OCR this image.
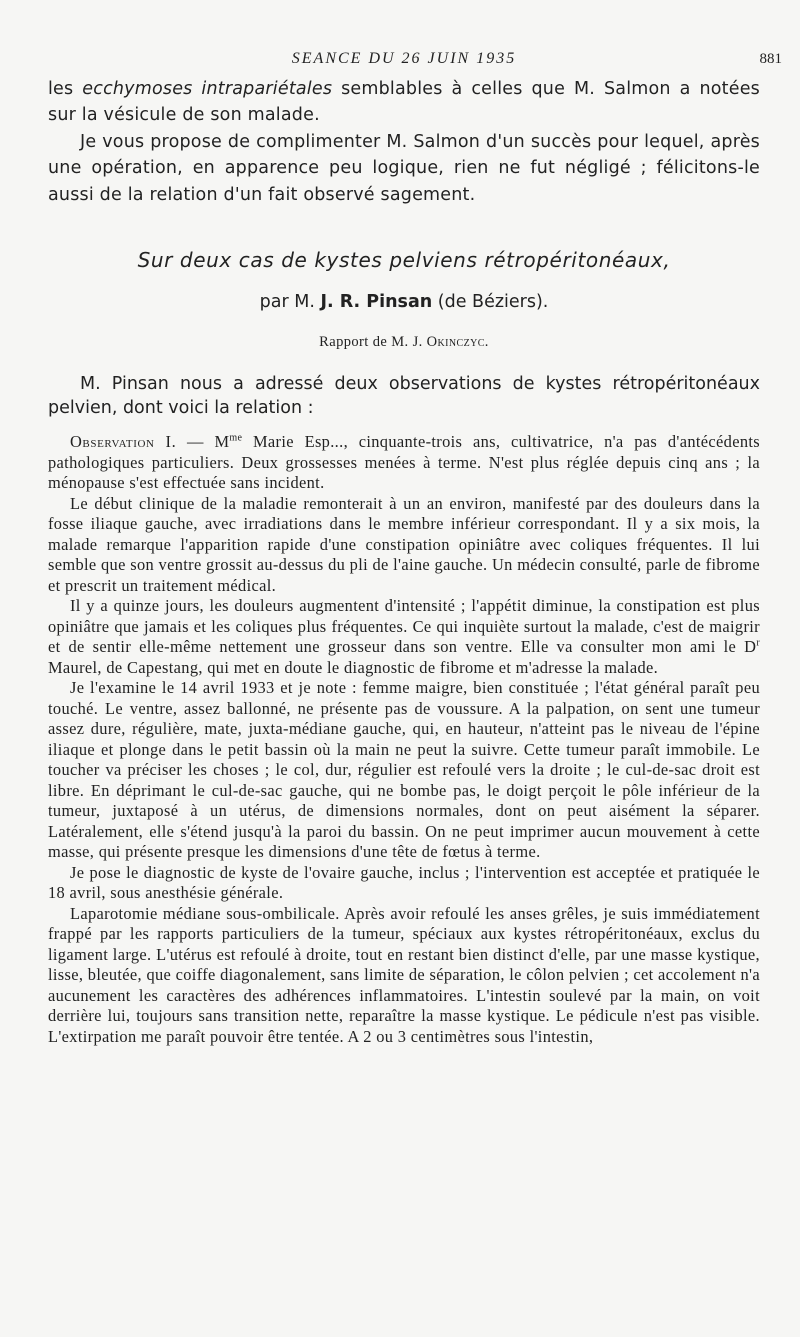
SEANCE DU 26 JUIN 1935	881

les ecchymoses intrapariétales semblables à celles que M. Salmon a notées sur la vésicule de son malade.

Je vous propose de complimenter M. Salmon d'un succès pour lequel, après une opération, en apparence peu logique, rien ne fut négligé ; félicitons-le aussi de la relation d'un fait observé sagement.

Sur deux cas de kystes pelviens rétropéritonéaux,
par M. J. R. Pinsan (de Béziers).
Rapport de M. J. Okinczyc.

M. Pinsan nous a adressé deux observations de kystes rétropéritonéaux pelvien, dont voici la relation :

Observation I. — $M^{me}$ Marie Esp..., cinquante-trois ans, cultivatrice, n'a pas d'antécédents pathologiques particuliers. Deux grossesses menées à terme. N'est plus réglée depuis cinq ans ; la ménopause s'est effectuée sans incident.

Le début clinique de la maladie remonterait à un an environ, manifesté par des douleurs dans la fosse iliaque gauche, avec irradiations dans le membre inférieur correspondant. Il y a six mois, la malade remarque l'apparition rapide d'une constipation opiniâtre avec coliques fréquentes. Il lui semble que son ventre grossit au-dessus du pli de l'aine gauche. Un médecin consulté, parle de fibrome et prescrit un traitement médical.

Il y a quinze jours, les douleurs augmentent d'intensité ; l'appétit diminue, la constipation est plus opiniâtre que jamais et les coliques plus fréquentes. Ce qui inquiète surtout la malade, c'est de maigrir et de sentir elle-même nettement une grosseur dans son ventre. Elle va consulter mon ami le $D^r$ Maurel, de Capestang, qui met en doute le diagnostic de fibrome et m'adresse la malade.

Je l'examine le 14 avril 1933 et je note : femme maigre, bien constituée ; l'état général paraît peu touché. Le ventre, assez ballonné, ne présente pas de voussure. A la palpation, on sent une tumeur assez dure, régulière, mate, juxta-médiane gauche, qui, en hauteur, n'atteint pas le niveau de l'épine iliaque et plonge dans le petit bassin où la main ne peut la suivre. Cette tumeur paraît immobile. Le toucher va préciser les choses ; le col, dur, régulier est refoulé vers la droite ; le cul-de-sac droit est libre. En déprimant le cul-de-sac gauche, qui ne bombe pas, le doigt perçoit le pôle inférieur de la tumeur, juxtaposé à un utérus, de dimensions normales, dont on peut aisément la séparer. Latéralement, elle s'étend jusqu'à la paroi du bassin. On ne peut imprimer aucun mouvement à cette masse, qui présente presque les dimensions d'une tête de fœtus à terme.

Je pose le diagnostic de kyste de l'ovaire gauche, inclus ; l'intervention est acceptée et pratiquée le 18 avril, sous anesthésie générale.

Laparotomie médiane sous-ombilicale. Après avoir refoulé les anses grêles, je suis immédiatement frappé par les rapports particuliers de la tumeur, spéciaux aux kystes rétropéritonéaux, exclus du ligament large. L'utérus est refoulé à droite, tout en restant bien distinct d'elle, par une masse kystique, lisse, bleutée, que coiffe diagonalement, sans limite de séparation, le côlon pelvien ; cet accolement n'a aucunement les caractères des adhérences inflammatoires. L'intestin soulevé par la main, on voit derrière lui, toujours sans transition nette, reparaître la masse kystique. Le pédicule n'est pas visible. L'extirpation me paraît pouvoir être tentée. A 2 ou 3 centimètres sous l'intestin,
